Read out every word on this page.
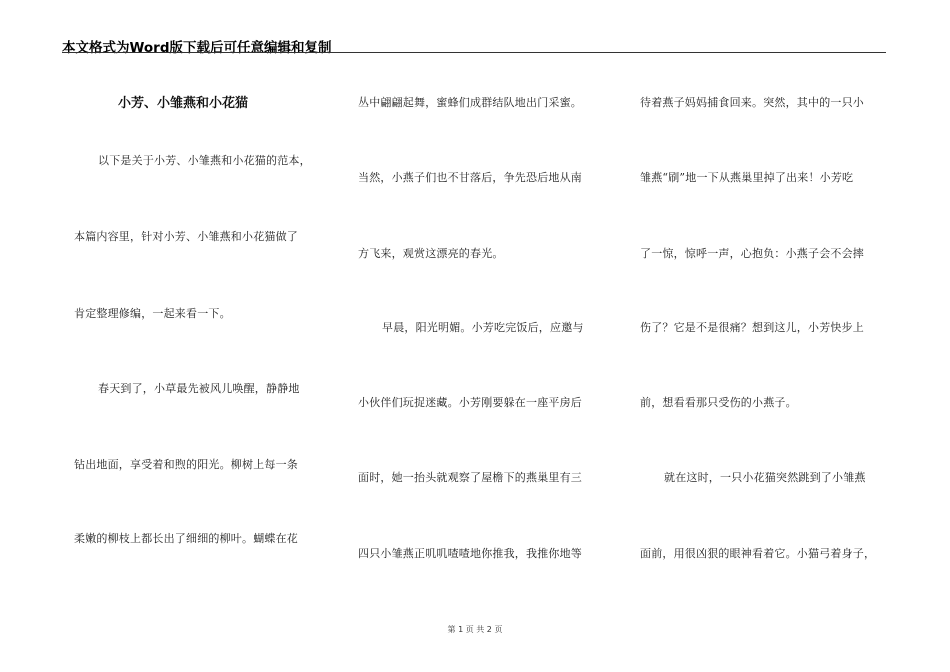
本文格式为Word版下载后可任意编辑和复制
小芳、小雏燕和小花猫
以下是关于小芳、小雏燕和小花猫的范本，
本篇内容里，针对小芳、小雏燕和小花猫做了
肯定整理修编，一起来看一下。
春天到了，小草最先被风儿唤醒，静静地
钻出地面，享受着和煦的阳光。柳树上每一条
柔嫩的柳枝上都长出了细细的柳叶。蝴蝶在花
丛中翩翩起舞，蜜蜂们成群结队地出门采蜜。
当然，小燕子们也不甘落后，争先恐后地从南
方飞来，观赏这漂亮的春光。
早晨，阳光明媚。小芳吃完饭后，应邀与
小伙伴们玩捉迷藏。小芳刚要躲在一座平房后
面时，她一抬头就观察了屋檐下的燕巢里有三
四只小雏燕正叽叽喳喳地你推我，我推你地等
待着燕子妈妈捕食回来。突然，其中的一只小
雏燕“刷”地一下从燕巢里掉了出来！小芳吃
了一惊，惊呼一声，心抱负：小燕子会不会摔
伤了？它是不是很痛？想到这儿，小芳快步上
前，想看看那只受伤的小燕子。
就在这时，一只小花猫突然跳到了小雏燕
面前，用很凶狠的眼神看着它。小猫弓着身子，
第 1 页 共 2 页
